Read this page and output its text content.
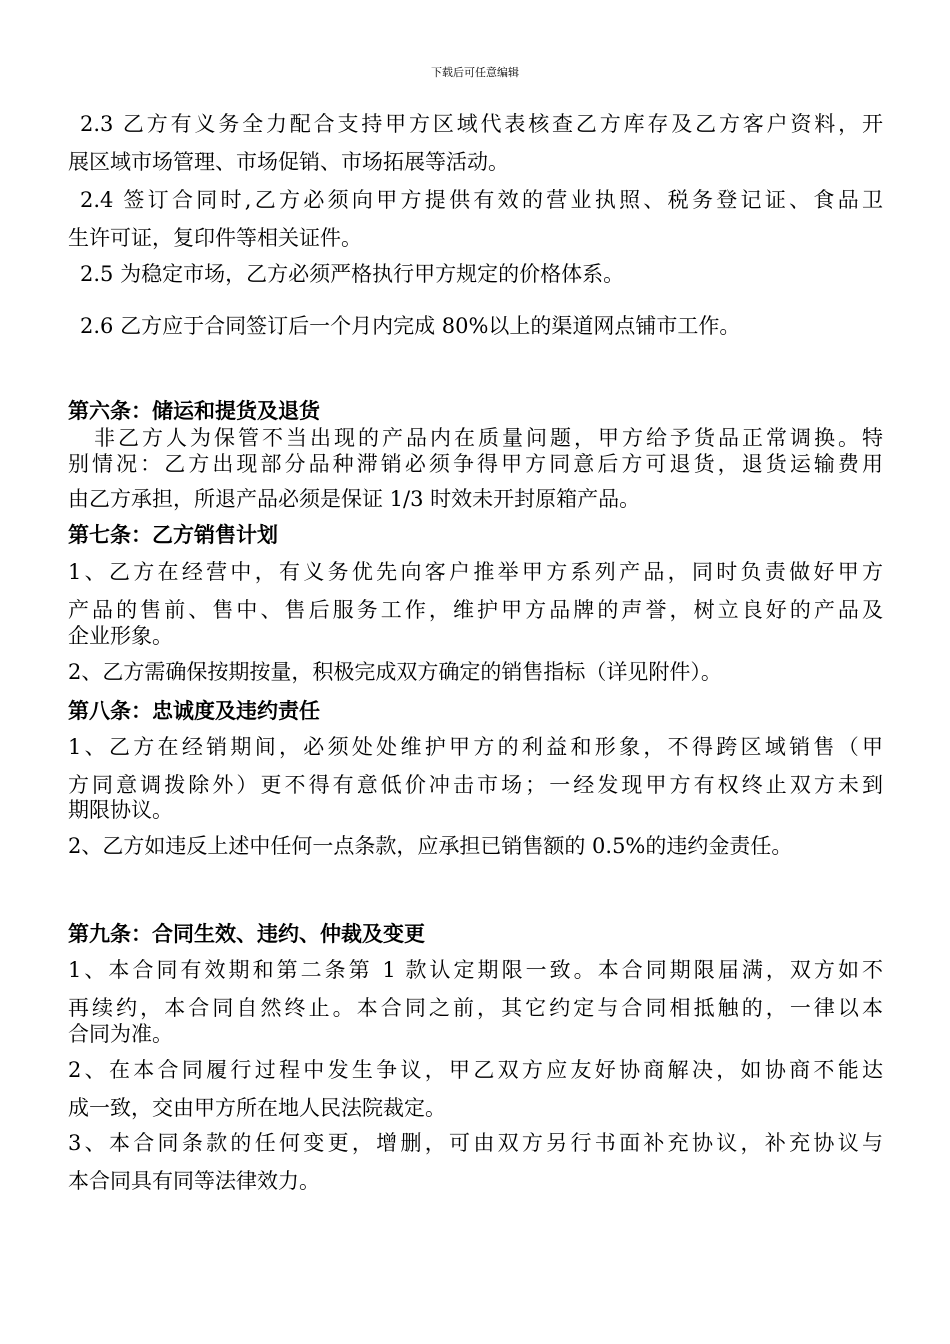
下载后可任意编辑
2.3 乙方有义务全力配合支持甲方区域代表核查乙方库存及乙方客户资料，开
展区域市场管理、市场促销、市场拓展等活动。
2.4 签订合同时,乙方必须向甲方提供有效的营业执照、税务登记证、食品卫
生许可证，复印件等相关证件。
2.5 为稳定市场，乙方必须严格执行甲方规定的价格体系。
2.6 乙方应于合同签订后一个月内完成 80%以上的渠道网点铺市工作。
第六条：储运和提货及退货
非乙方人为保管不当出现的产品内在质量问题，甲方给予货品正常调换。特
别情况：乙方出现部分品种滞销必须争得甲方同意后方可退货，退货运输费用
由乙方承担，所退产品必须是保证 1/3 时效未开封原箱产品。
第七条：乙方销售计划
1、乙方在经营中，有义务优先向客户推举甲方系列产品，同时负责做好甲方
产品的售前、售中、售后服务工作，维护甲方品牌的声誉，树立良好的产品及
企业形象。
2、乙方需确保按期按量，积极完成双方确定的销售指标（详见附件）。
第八条：忠诚度及违约责任
1、乙方在经销期间，必须处处维护甲方的利益和形象，不得跨区域销售（甲
方同意调拨除外）更不得有意低价冲击市场；一经发现甲方有权终止双方未到
期限协议。
2、乙方如违反上述中任何一点条款，应承担已销售额的 0.5%的违约金责任。
第九条：合同生效、违约、仲裁及变更
1、本合同有效期和第二条第 1 款认定期限一致。本合同期限届满，双方如不
再续约，本合同自然终止。本合同之前，其它约定与合同相抵触的，一律以本
合同为准。
2、在本合同履行过程中发生争议，甲乙双方应友好协商解决，如协商不能达
成一致，交由甲方所在地人民法院裁定。
3、本合同条款的任何变更，增删，可由双方另行书面补充协议，补充协议与
本合同具有同等法律效力。
